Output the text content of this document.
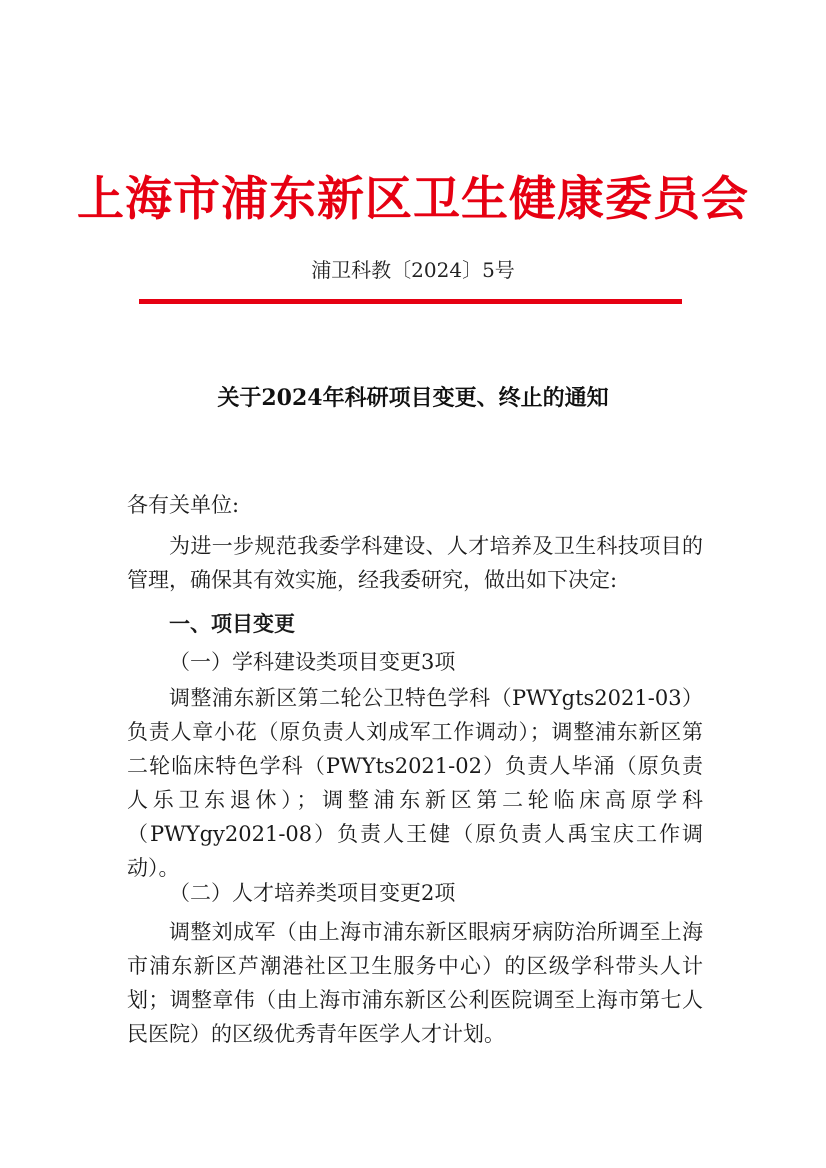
上海市浦东新区卫生健康委员会
浦卫科教〔2024〕5号
关于2024年科研项目变更、终止的通知
各有关单位:
为进一步规范我委学科建设、人才培养及卫生科技项目的管理，确保其有效实施，经我委研究，做出如下决定:
一、项目变更
（一）学科建设类项目变更3项
调整浦东新区第二轮公卫特色学科（PWYgts2021-03）负责人章小花（原负责人刘成军工作调动）；调整浦东新区第二轮临床特色学科（PWYts2021-02）负责人毕涌（原负责人乐卫东退休）；调整浦东新区第二轮临床高原学科（PWYgy2021-08）负责人王健（原负责人禹宝庆工作调动）。
（二）人才培养类项目变更2项
调整刘成军（由上海市浦东新区眼病牙病防治所调至上海市浦东新区芦潮港社区卫生服务中心）的区级学科带头人计划；调整章伟（由上海市浦东新区公利医院调至上海市第七人民医院）的区级优秀青年医学人才计划。
